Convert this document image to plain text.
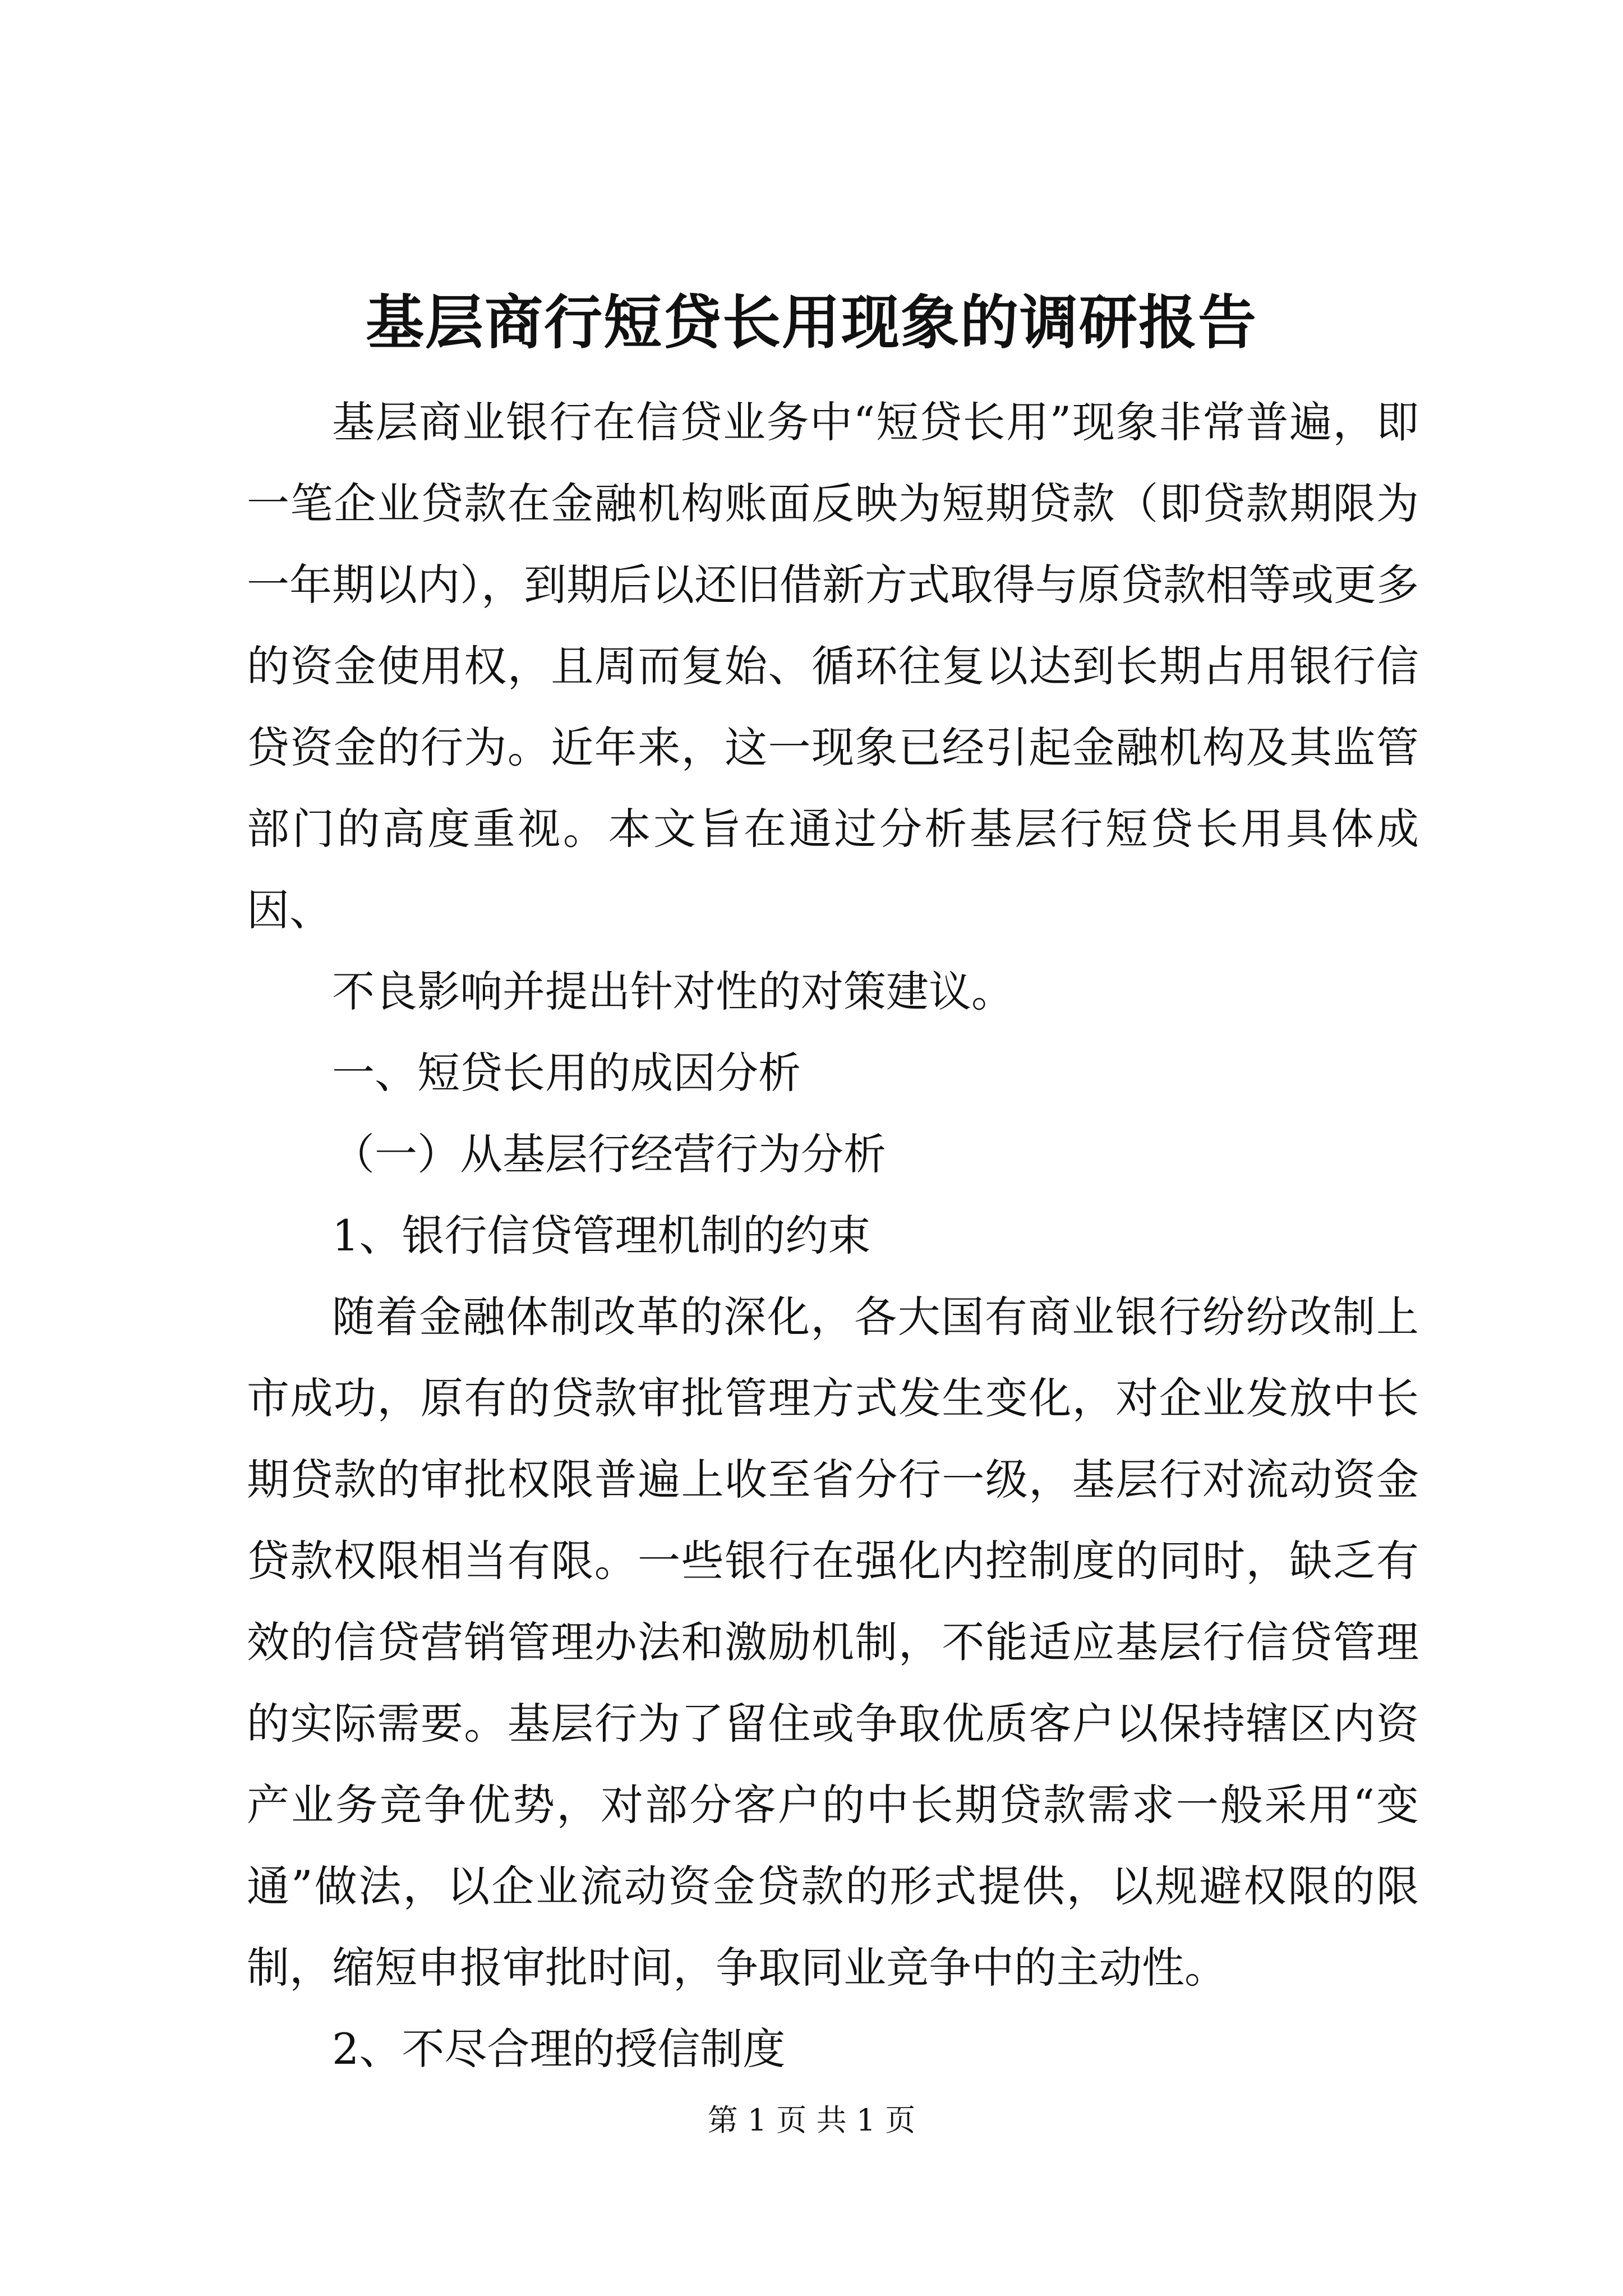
基层商行短贷长用现象的调研报告

基层商业银行在信贷业务中“短贷长用”现象非常普遍，即一笔企业贷款在金融机构账面反映为短期贷款（即贷款期限为一年期以内），到期后以还旧借新方式取得与原贷款相等或更多的资金使用权，且周而复始、循环往复以达到长期占用银行信贷资金的行为。近年来，这一现象已经引起金融机构及其监管部门的高度重视。本文旨在通过分析基层行短贷长用具体成因、

不良影响并提出针对性的对策建议。

一、短贷长用的成因分析

（一）从基层行经营行为分析

1、银行信贷管理机制的约束

随着金融体制改革的深化，各大国有商业银行纷纷改制上市成功，原有的贷款审批管理方式发生变化，对企业发放中长期贷款的审批权限普遍上收至省分行一级，基层行对流动资金贷款权限相当有限。一些银行在强化内控制度的同时，缺乏有效的信贷营销管理办法和激励机制，不能适应基层行信贷管理的实际需要。基层行为了留住或争取优质客户以保持辖区内资产业务竞争优势，对部分客户的中长期贷款需求一般采用“变通”做法，以企业流动资金贷款的形式提供，以规避权限的限制，缩短申报审批时间，争取同业竞争中的主动性。

2、不尽合理的授信制度

第 1 页 共 1 页
